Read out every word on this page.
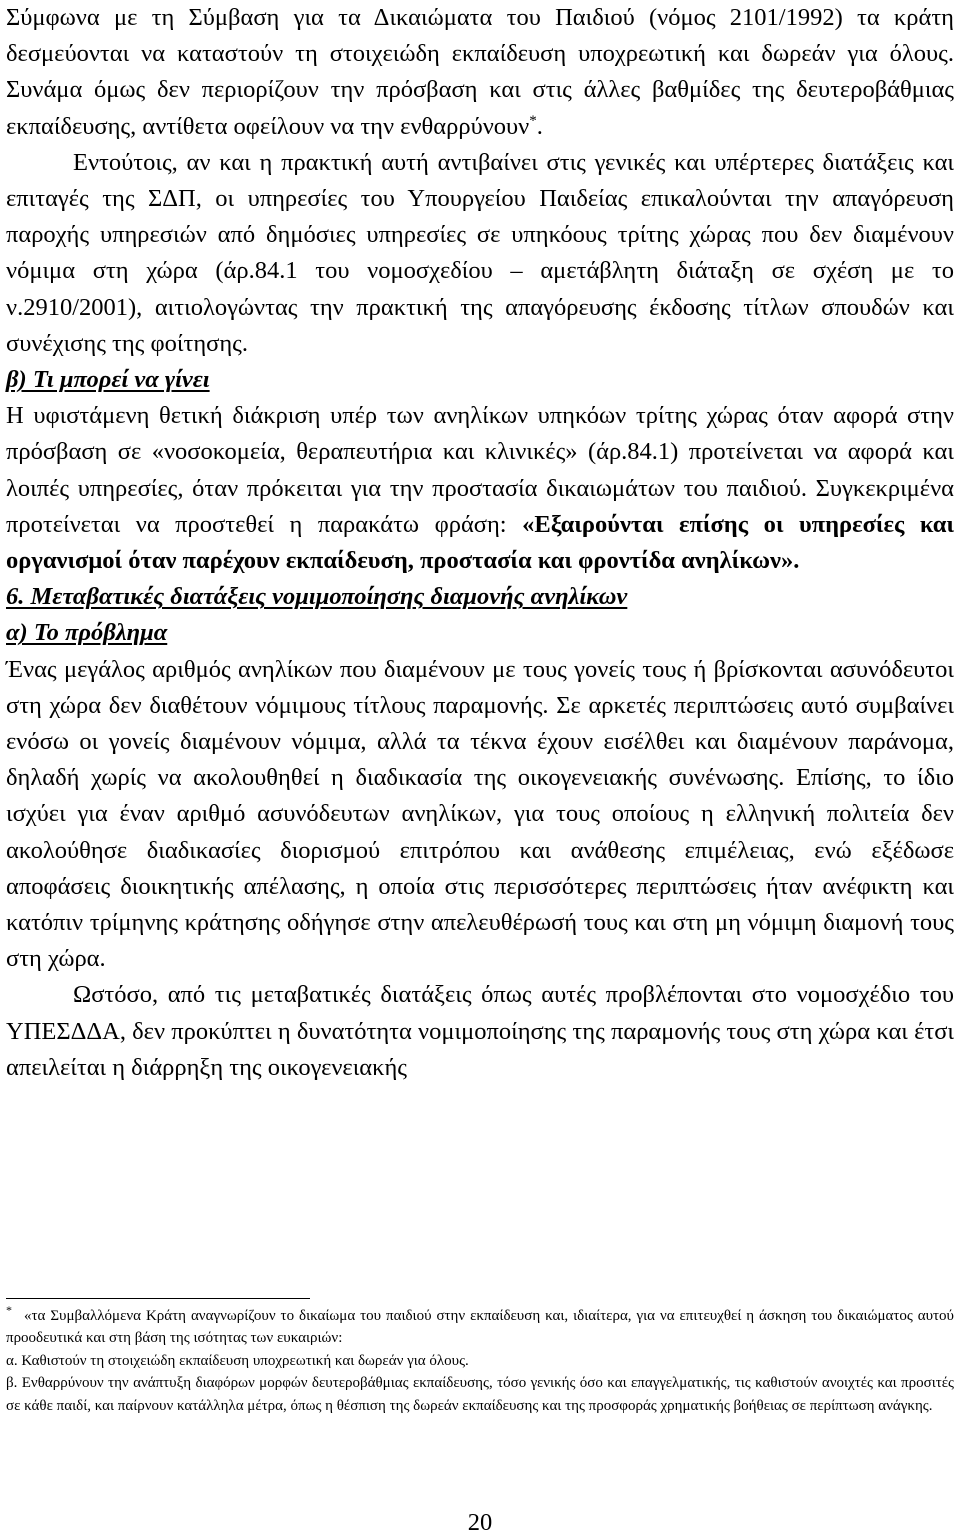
Σύμφωνα με τη Σύμβαση για τα Δικαιώματα του Παιδιού (νόμος 2101/1992) τα κράτη δεσμεύονται να καταστούν τη στοιχειώδη εκπαίδευση υποχρεωτική και δωρεάν για όλους. Συνάμα όμως δεν περιορίζουν την πρόσβαση και στις άλλες βαθμίδες της δευτεροβάθμιας εκπαίδευσης, αντίθετα οφείλουν να την ενθαρρύνουν*.

Εντούτοις, αν και η πρακτική αυτή αντιβαίνει στις γενικές και υπέρτερες διατάξεις και επιταγές της ΣΔΠ, οι υπηρεσίες του Υπουργείου Παιδείας επικαλούνται την απαγόρευση παροχής υπηρεσιών από δημόσιες υπηρεσίες σε υπηκόους τρίτης χώρας που δεν διαμένουν νόμιμα στη χώρα (άρ.84.1 του νομοσχεδίου – αμετάβλητη διάταξη σε σχέση με το ν.2910/2001), αιτιολογώντας την πρακτική της απαγόρευσης έκδοσης τίτλων σπουδών και συνέχισης της φοίτησης.

β) Τι μπορεί να γίνει

Η υφιστάμενη θετική διάκριση υπέρ των ανηλίκων υπηκόων τρίτης χώρας όταν αφορά στην πρόσβαση σε «νοσοκομεία, θεραπευτήρια και κλινικές» (άρ.84.1) προτείνεται να αφορά και λοιπές υπηρεσίες, όταν πρόκειται για την προστασία δικαιωμάτων του παιδιού. Συγκεκριμένα προτείνεται να προστεθεί η παρακάτω φράση: «Εξαιρούνται επίσης οι υπηρεσίες και οργανισμοί όταν παρέχουν εκπαίδευση, προστασία και φροντίδα ανηλίκων».

6. Μεταβατικές διατάξεις νομιμοποίησης διαμονής ανηλίκων

α) Το πρόβλημα

Ένας μεγάλος αριθμός ανηλίκων που διαμένουν με τους γονείς τους ή βρίσκονται ασυνόδευτοι στη χώρα δεν διαθέτουν νόμιμους τίτλους παραμονής. Σε αρκετές περιπτώσεις αυτό συμβαίνει ενόσω οι γονείς διαμένουν νόμιμα, αλλά τα τέκνα έχουν εισέλθει και διαμένουν παράνομα, δηλαδή χωρίς να ακολουθηθεί η διαδικασία της οικογενειακής συνένωσης. Επίσης, το ίδιο ισχύει για έναν αριθμό ασυνόδευτων ανηλίκων, για τους οποίους η ελληνική πολιτεία δεν ακολούθησε διαδικασίες διορισμού επιτρόπου και ανάθεσης επιμέλειας, ενώ εξέδωσε αποφάσεις διοικητικής απέλασης, η οποία στις περισσότερες περιπτώσεις ήταν ανέφικτη και κατόπιν τρίμηνης κράτησης οδήγησε στην απελευθέρωσή τους και στη μη νόμιμη διαμονή τους στη χώρα.

Ωστόσο, από τις μεταβατικές διατάξεις όπως αυτές προβλέπονται στο νομοσχέδιο του ΥΠΕΣΔΔΑ, δεν προκύπτει η δυνατότητα νομιμοποίησης της παραμονής τους στη χώρα και έτσι απειλείται η διάρρηξη της οικογενειακής

* «τα Συμβαλλόμενα Κράτη αναγνωρίζουν το δικαίωμα του παιδιού στην εκπαίδευση και, ιδιαίτερα, για να επιτευχθεί η άσκηση του δικαιώματος αυτού προοδευτικά και στη βάση της ισότητας των ευκαιριών:

α. Καθιστούν τη στοιχειώδη εκπαίδευση υποχρεωτική και δωρεάν για όλους.

β. Ενθαρρύνουν την ανάπτυξη διαφόρων μορφών δευτεροβάθμιας εκπαίδευσης, τόσο γενικής όσο και επαγγελματικής, τις καθιστούν ανοιχτές και προσιτές σε κάθε παιδί, και παίρνουν κατάλληλα μέτρα, όπως η θέσπιση της δωρεάν εκπαίδευσης και της προσφοράς χρηματικής βοήθειας σε περίπτωση ανάγκης.

20
